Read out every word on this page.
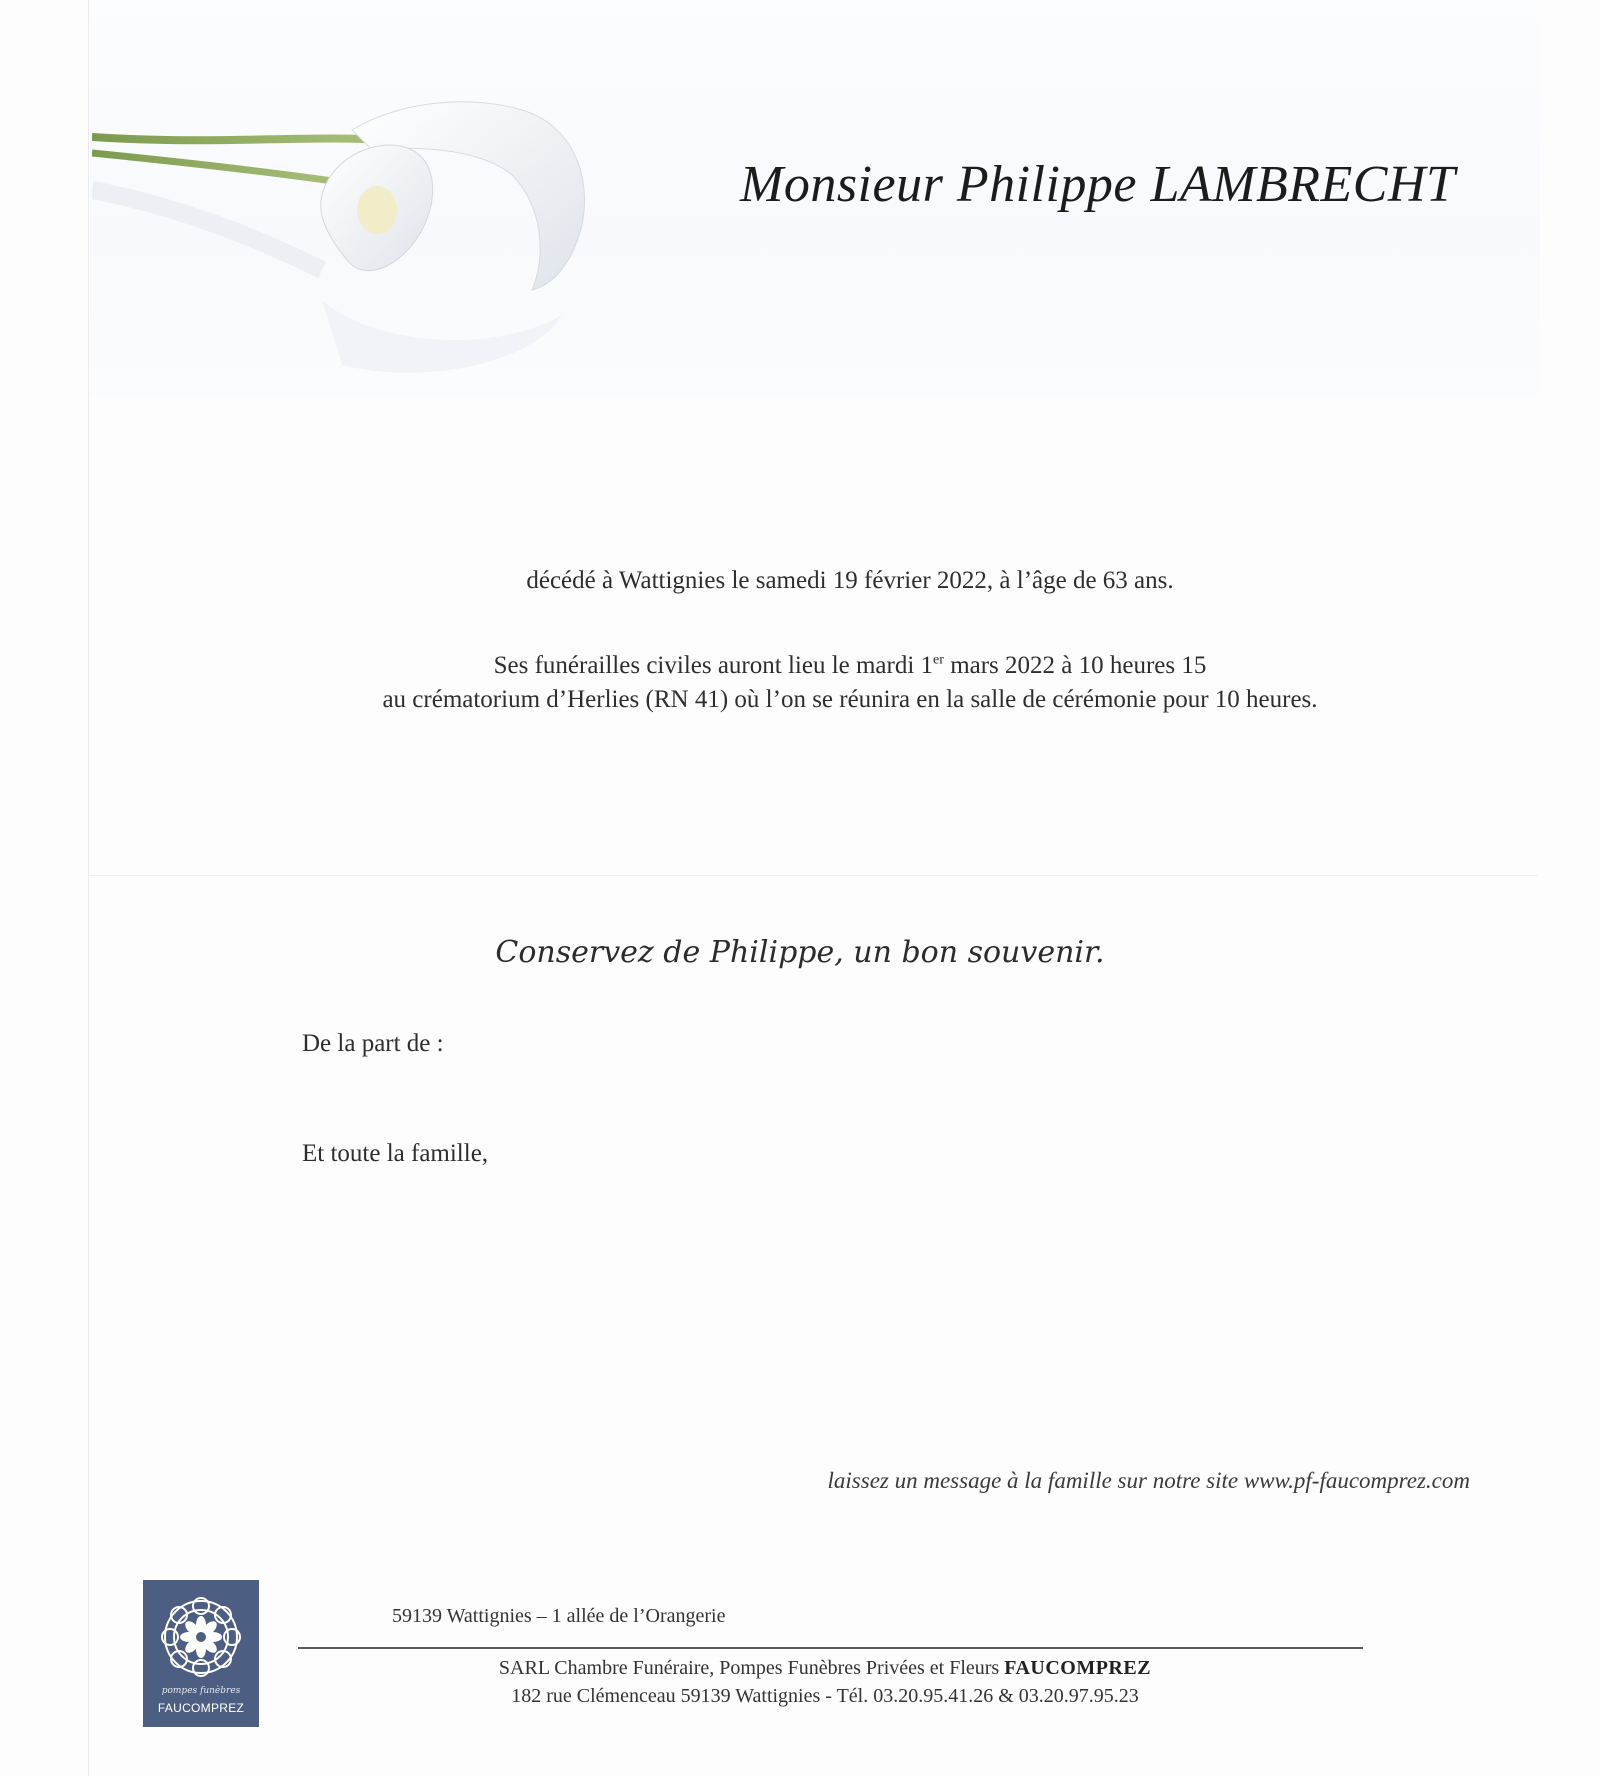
Monsieur Philippe LAMBRECHT
décédé à Wattignies le samedi 19 février 2022, à l’âge de 63 ans.
Ses funérailles civiles auront lieu le mardi 1er mars 2022 à 10 heures 15
au crématorium d’Herlies (RN 41) où l’on se réunira en la salle de cérémonie pour 10 heures.
Conservez de Philippe, un bon souvenir.
De la part de :
Et toute la famille,
laissez un message à la famille sur notre site www.pf-faucomprez.com
pompes funèbres
FAUCOMPREZ
59139 Wattignies – 1 allée de l’Orangerie
SARL Chambre Funéraire, Pompes Funèbres Privées et Fleurs FAUCOMPREZ
182 rue Clémenceau 59139 Wattignies - Tél. 03.20.95.41.26 & 03.20.97.95.23
